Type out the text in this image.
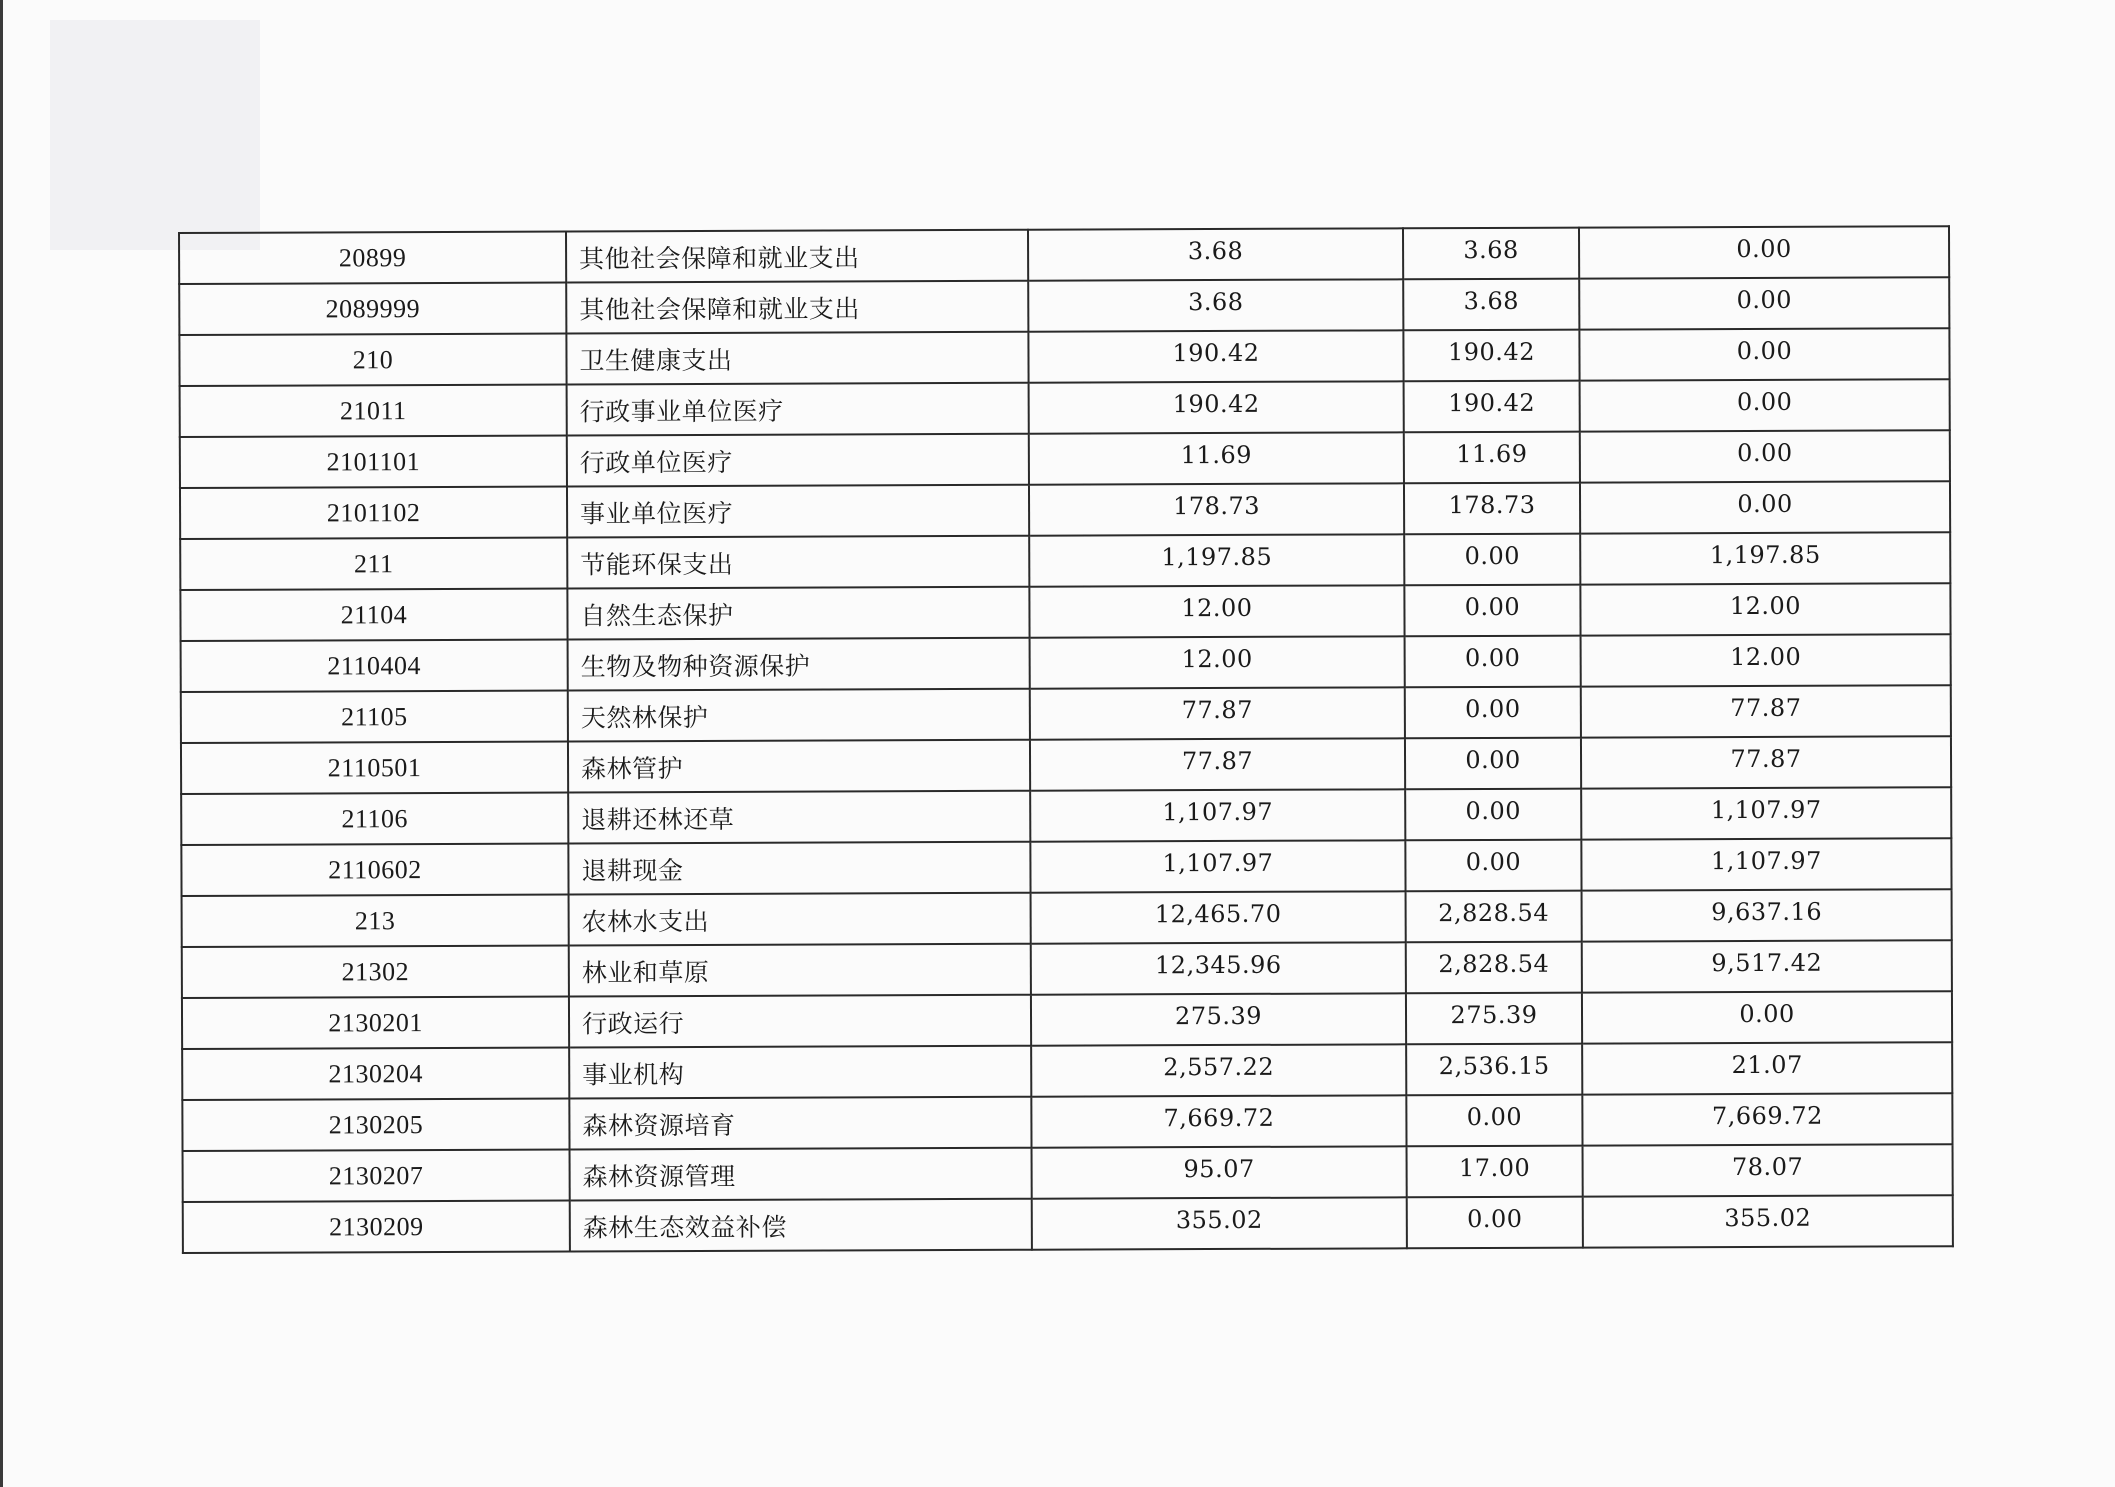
20899	其他社会保障和就业支出	3.68	3.68	0.00
2089999	其他社会保障和就业支出	3.68	3.68	0.00
210	卫生健康支出	190.42	190.42	0.00
21011	行政事业单位医疗	190.42	190.42	0.00
2101101	行政单位医疗	11.69	11.69	0.00
2101102	事业单位医疗	178.73	178.73	0.00
211	节能环保支出	1,197.85	0.00	1,197.85
21104	自然生态保护	12.00	0.00	12.00
2110404	生物及物种资源保护	12.00	0.00	12.00
21105	天然林保护	77.87	0.00	77.87
2110501	森林管护	77.87	0.00	77.87
21106	退耕还林还草	1,107.97	0.00	1,107.97
2110602	退耕现金	1,107.97	0.00	1,107.97
213	农林水支出	12,465.70	2,828.54	9,637.16
21302	林业和草原	12,345.96	2,828.54	9,517.42
2130201	行政运行	275.39	275.39	0.00
2130204	事业机构	2,557.22	2,536.15	21.07
2130205	森林资源培育	7,669.72	0.00	7,669.72
2130207	森林资源管理	95.07	17.00	78.07
2130209	森林生态效益补偿	355.02	0.00	355.02
